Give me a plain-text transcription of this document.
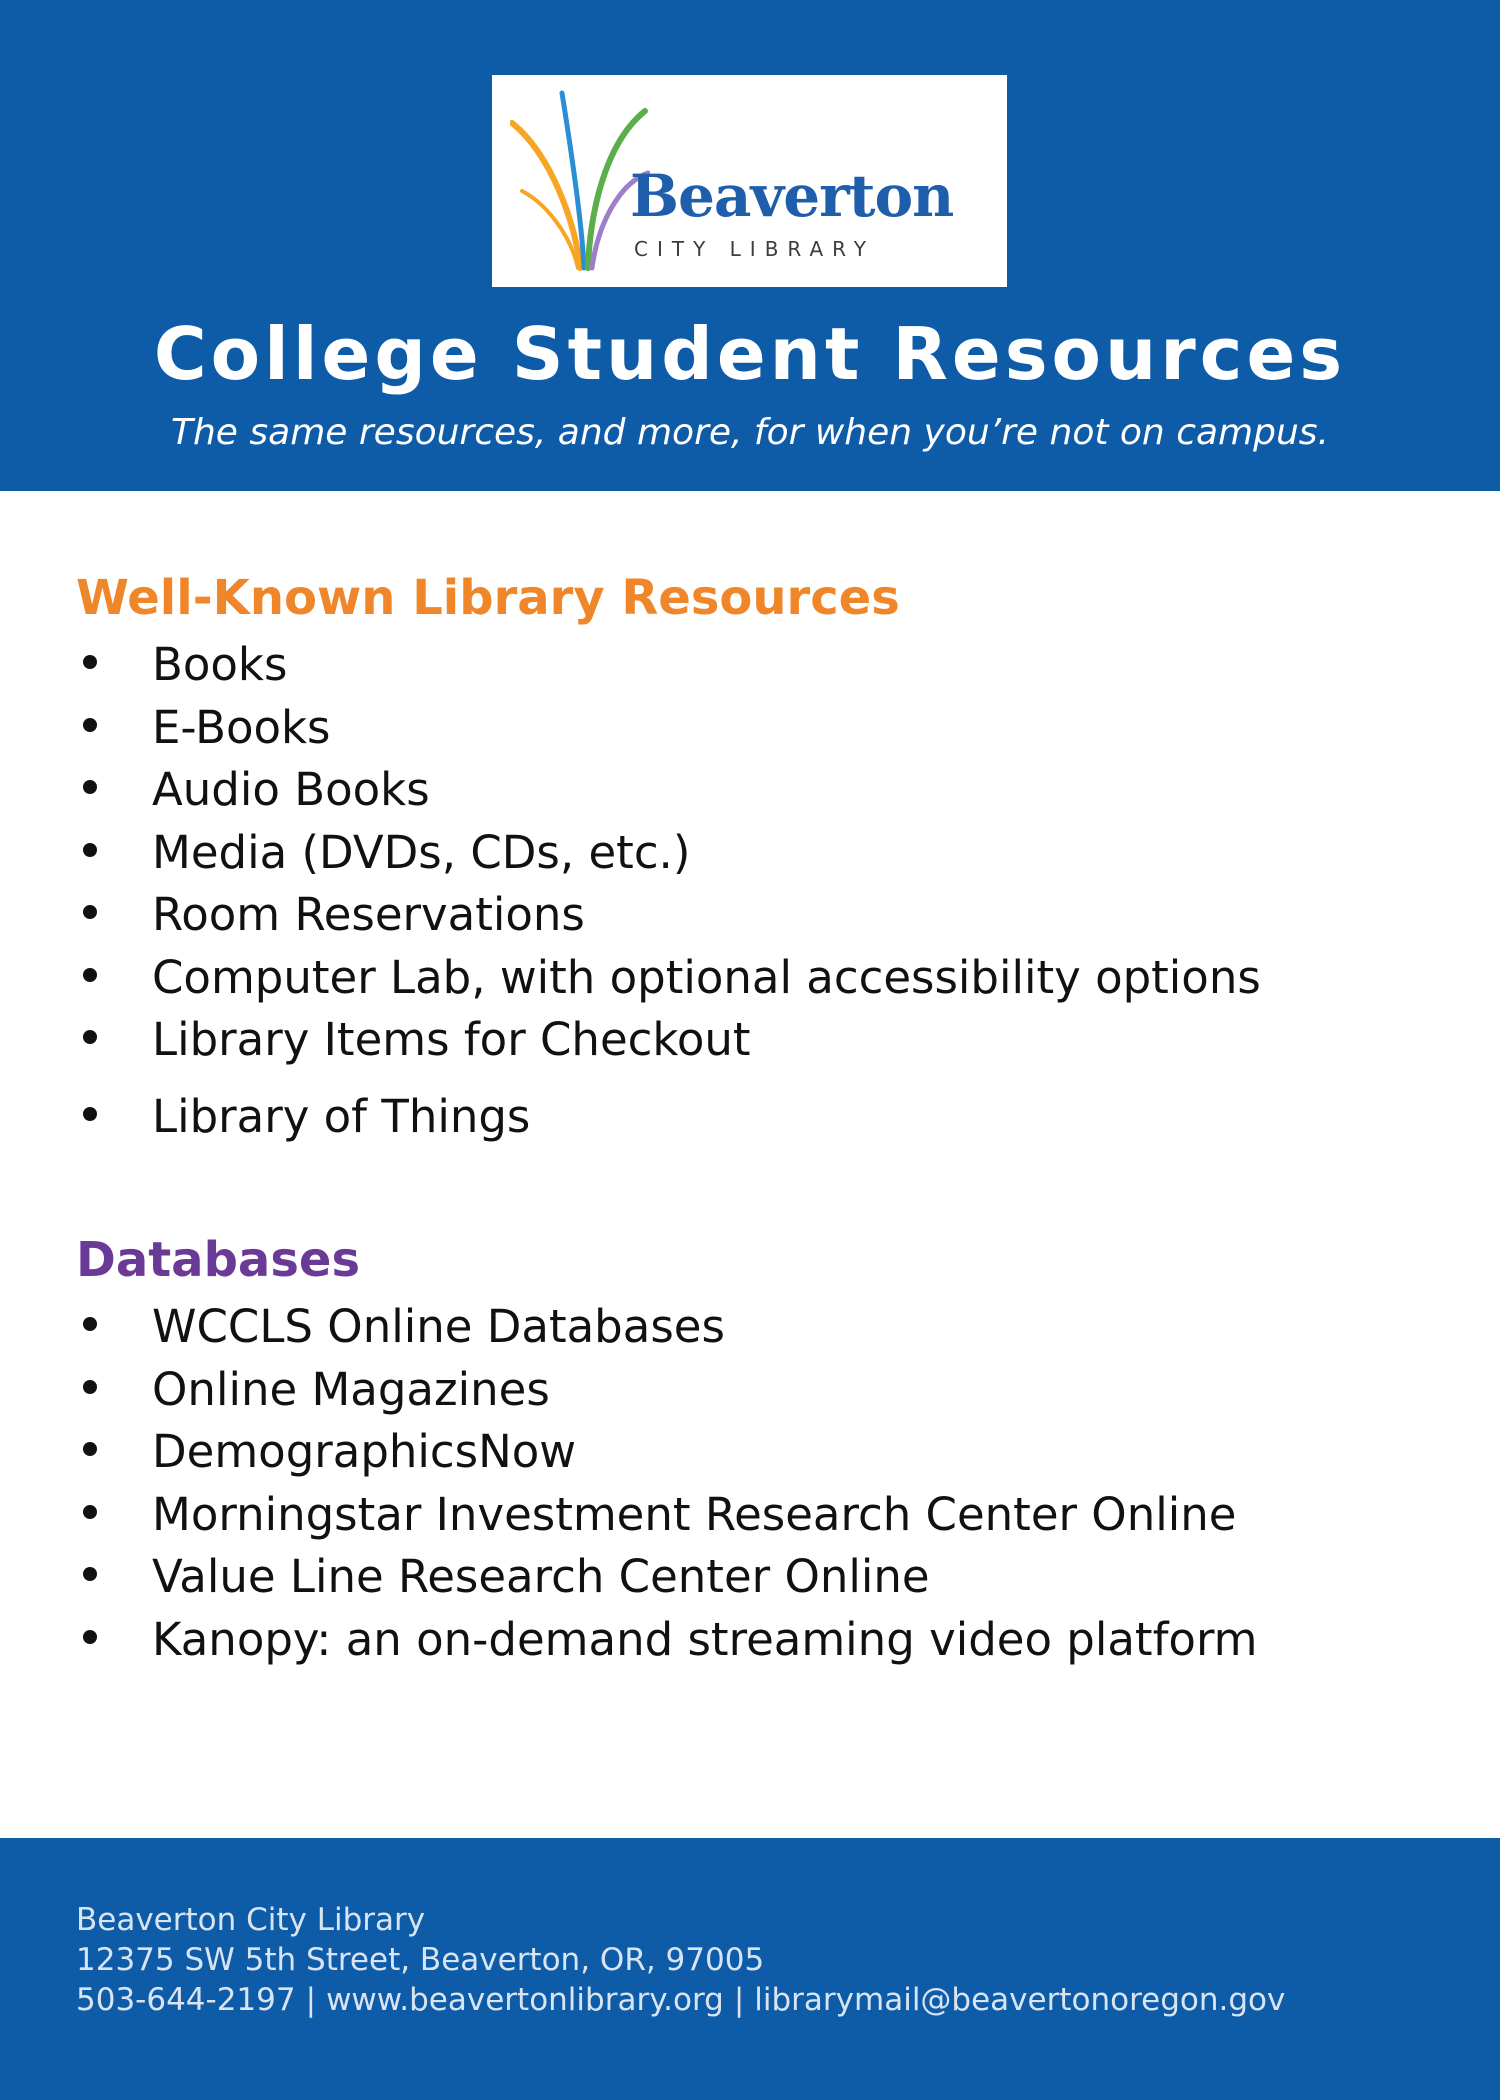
Beaverton
CITY LIBRARY
College Student Resources
The same resources, and more, for when you’re not on campus.
Well-Known Library Resources
Books
E-Books
Audio Books
Media (DVDs, CDs, etc.)
Room Reservations
Computer Lab, with optional accessibility options
Library Items for Checkout
Library of Things
Databases
WCCLS Online Databases
Online Magazines
DemographicsNow
Morningstar Investment Research Center Online
Value Line Research Center Online
Kanopy: an on-demand streaming video platform
Beaverton City Library
12375 SW 5th Street, Beaverton, OR, 97005
503-644-2197 | www.beavertonlibrary.org | librarymail@beavertonoregon.gov
